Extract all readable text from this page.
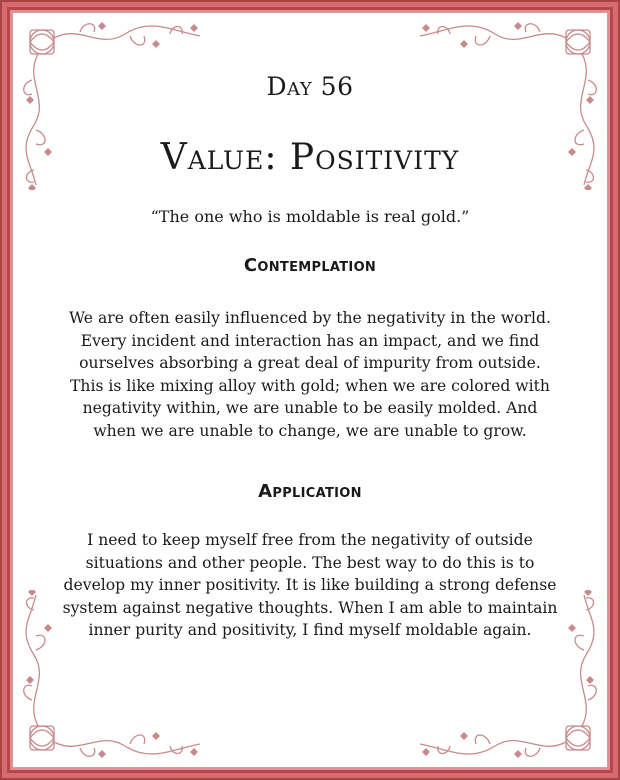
Day 56
Value: Positivity
“The one who is moldable is real gold.”
Contemplation
We are often easily influenced by the negativity in the world. Every incident and interaction has an impact, and we find ourselves absorbing a great deal of impurity from outside. This is like mixing alloy with gold; when we are colored with negativity within, we are unable to be easily molded. And when we are unable to change, we are unable to grow.
Application
I need to keep myself free from the negativity of outside situations and other people. The best way to do this is to develop my inner positivity. It is like building a strong defense system against negative thoughts. When I am able to maintain inner purity and positivity, I find myself moldable again.
